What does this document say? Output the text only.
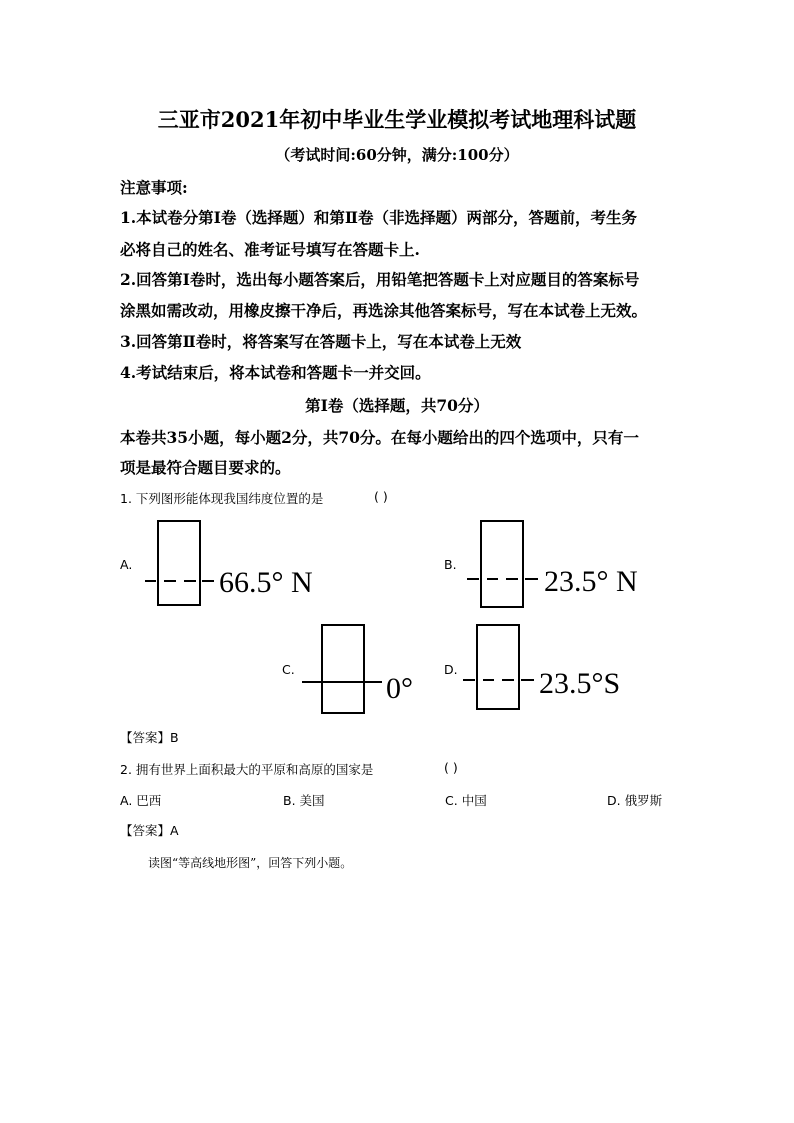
三亚市2021年初中毕业生学业模拟考试地理科试题
（考试时间:60分钟，满分:100分）
注意事项:
1.本试卷分第Ⅰ卷（选择题）和第Ⅱ卷（非选择题）两部分，答题前，考生务
必将自己的姓名、准考证号填写在答题卡上.
2.回答第Ⅰ卷时，选出每小题答案后，用铅笔把答题卡上对应题目的答案标号
涂黑如需改动，用橡皮擦干净后，再选涂其他答案标号，写在本试卷上无效。
3.回答第Ⅱ卷时，将答案写在答题卡上，写在本试卷上无效
4.考试结束后，将本试卷和答题卡一并交回。
第Ⅰ卷（选择题，共70分）
本卷共35小题，每小题2分，共70分。在每小题给出的四个选项中，只有一
项是最符合题目要求的。
1. 下列图形能体现我国纬度位置的是	( )
A.
66.5° N
B.
23.5° N
C.
0°
D.	23.5°S
【答案】B
2. 拥有世界上面积最大的平原和高原的国家是	( )
A. 巴西	B. 美国	C. 中国	D. 俄罗斯
【答案】A
读图“等高线地形图”，回答下列小题。
